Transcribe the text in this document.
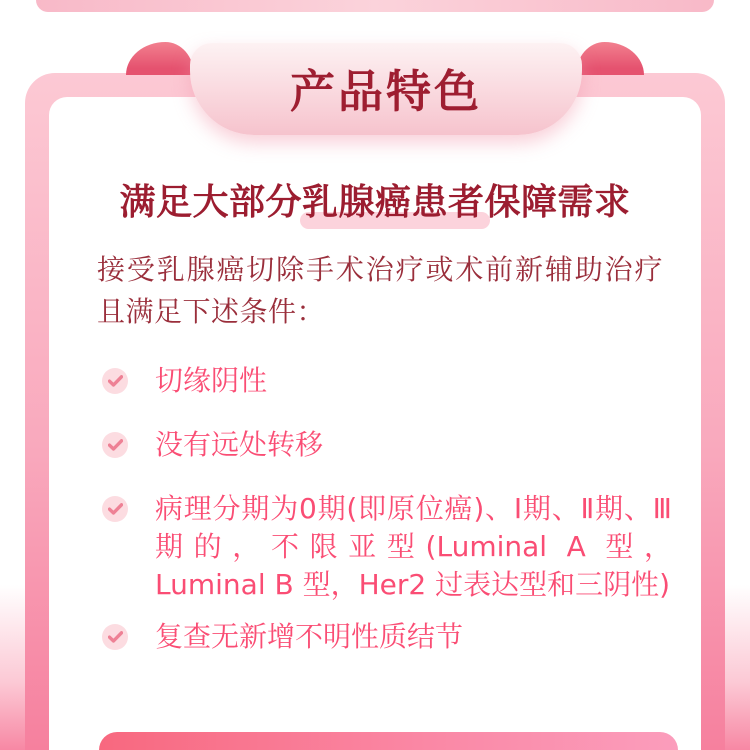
产品特色
满足大部分乳腺癌患者保障需求

接受乳腺癌切除手术治疗或术前新辅助治疗且满足下述条件：

切缘阴性
没有远处转移
病理分期为0期(即原位癌)、Ⅰ期、Ⅱ期、Ⅲ期的，不限亚型(Luminal A 型，Luminal B 型，Her2 过表达型和三阴性)
复查无新增不明性质结节
